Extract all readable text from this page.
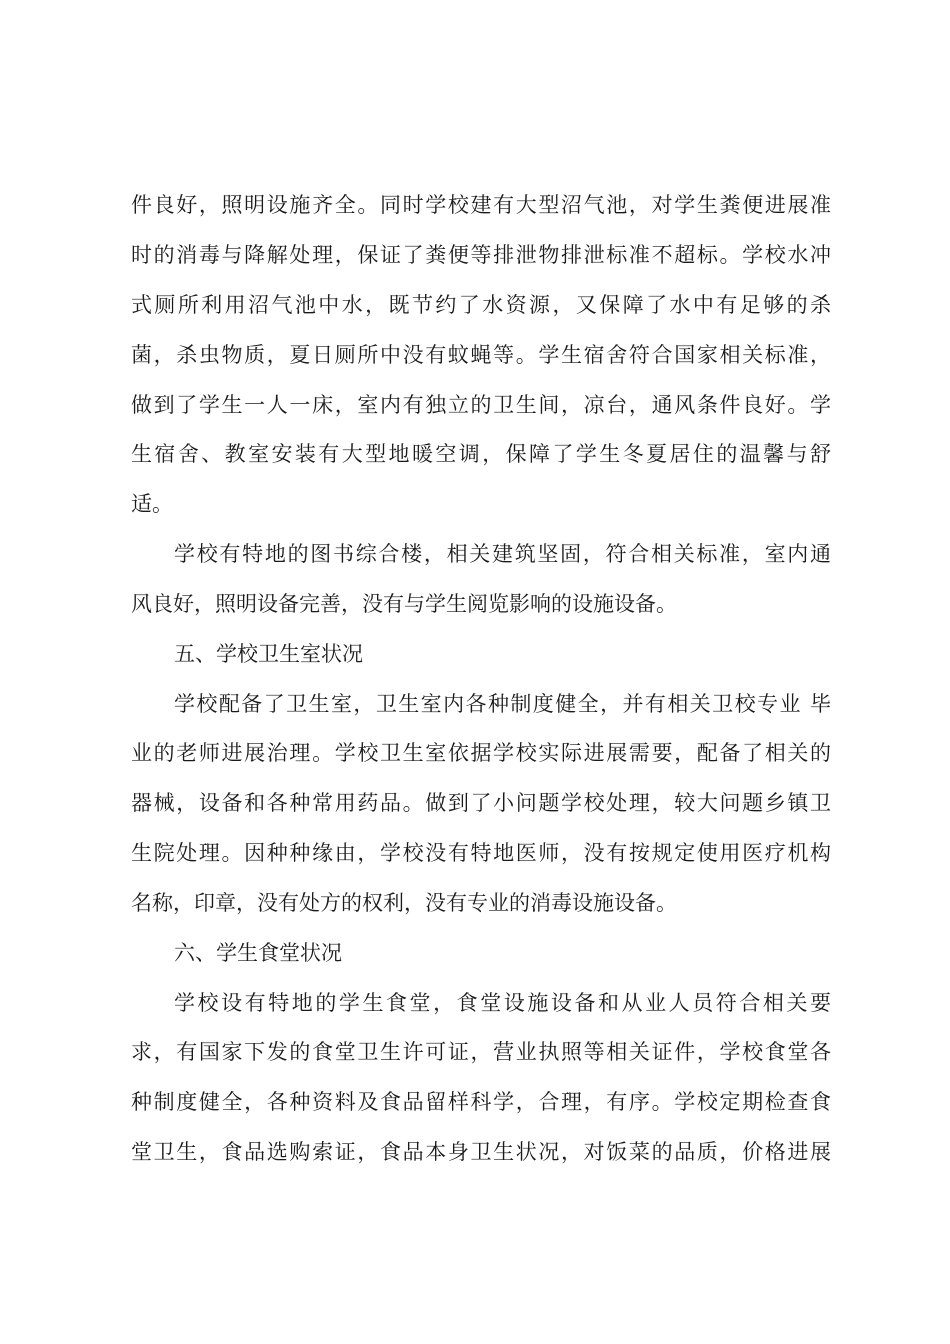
件良好，照明设施齐全。同时学校建有大型沼气池，对学生粪便进展准
时的消毒与降解处理，保证了粪便等排泄物排泄标准不超标。学校水冲
式厕所利用沼气池中水，既节约了水资源，又保障了水中有足够的杀
菌，杀虫物质，夏日厕所中没有蚊蝇等。学生宿舍符合国家相关标准，
做到了学生一人一床，室内有独立的卫生间，凉台，通风条件良好。学
生宿舍、教室安装有大型地暖空调，保障了学生冬夏居住的温馨与舒
适。
学校有特地的图书综合楼，相关建筑坚固，符合相关标准，室内通
风良好，照明设备完善，没有与学生阅览影响的设施设备。
五、学校卫生室状况
学校配备了卫生室，卫生室内各种制度健全，并有相关卫校专业 毕
业的老师进展治理。学校卫生室依据学校实际进展需要，配备了相关的
器械，设备和各种常用药品。做到了小问题学校处理，较大问题乡镇卫
生院处理。因种种缘由，学校没有特地医师，没有按规定使用医疗机构
名称，印章，没有处方的权利，没有专业的消毒设施设备。
六、学生食堂状况
学校设有特地的学生食堂，食堂设施设备和从业人员符合相关要
求，有国家下发的食堂卫生许可证，营业执照等相关证件，学校食堂各
种制度健全，各种资料及食品留样科学，合理，有序。学校定期检查食
堂卫生，食品选购索证，食品本身卫生状况，对饭菜的品质，价格进展
